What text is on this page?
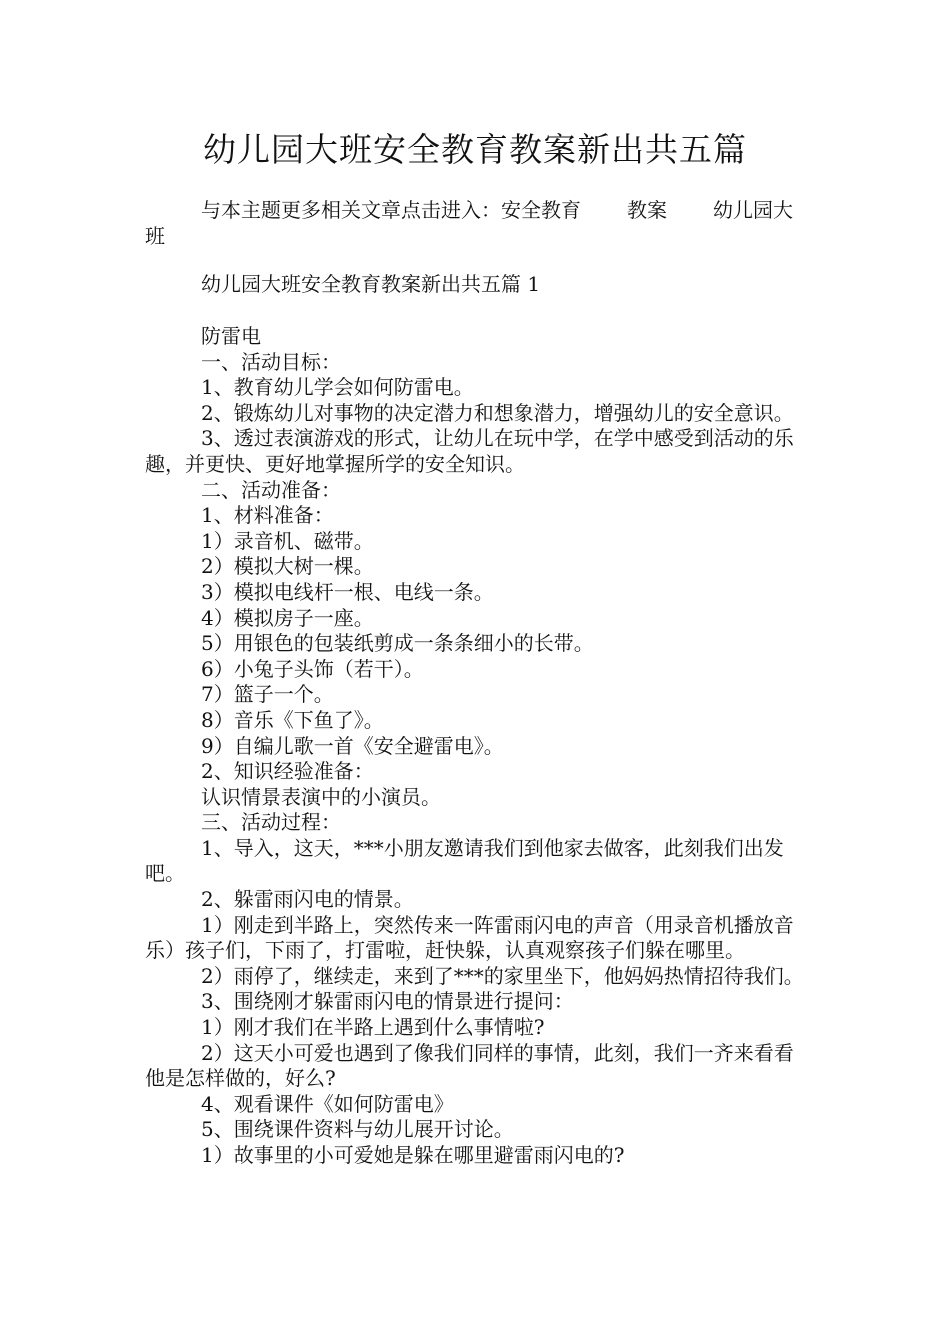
幼儿园大班安全教育教案新出共五篇
与本主题更多相关文章点击进入：安全教育 教案 幼儿园大班
幼儿园大班安全教育教案新出共五篇 1

防雷电

一、活动目标：

1、教育幼儿学会如何防雷电。

2、锻炼幼儿对事物的决定潜力和想象潜力，增强幼儿的安全意识。

3、透过表演游戏的形式，让幼儿在玩中学，在学中感受到活动的乐趣，并更快、更好地掌握所学的安全知识。

二、活动准备：

1、材料准备：

1）录音机、磁带。

2）模拟大树一棵。

3）模拟电线杆一根、电线一条。

4）模拟房子一座。

5）用银色的包装纸剪成一条条细小的长带。

6）小兔子头饰（若干）。

7）篮子一个。

8）音乐《下鱼了》。

9）自编儿歌一首《安全避雷电》。

2、知识经验准备：

认识情景表演中的小演员。

三、活动过程：

1、导入，这天，***小朋友邀请我们到他家去做客，此刻我们出发吧。

2、躲雷雨闪电的情景。

1）刚走到半路上，突然传来一阵雷雨闪电的声音（用录音机播放音乐）孩子们，下雨了，打雷啦，赶快躲，认真观察孩子们躲在哪里。

2）雨停了，继续走，来到了***的家里坐下，他妈妈热情招待我们。

3、围绕刚才躲雷雨闪电的情景进行提问：

1）刚才我们在半路上遇到什么事情啦?

2）这天小可爱也遇到了像我们同样的事情，此刻，我们一齐来看看他是怎样做的，好么?

4、观看课件《如何防雷电》

5、围绕课件资料与幼儿展开讨论。

1）故事里的小可爱她是躲在哪里避雷雨闪电的?
